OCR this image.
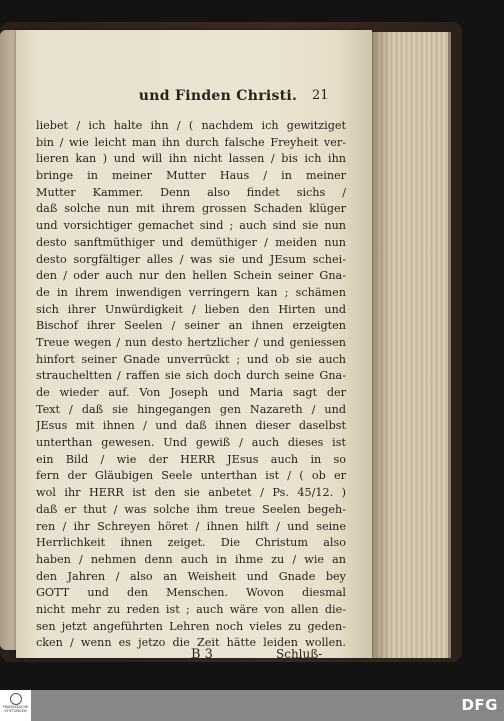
und Finden Christi.	21
liebet / ich halte ihn / ( nachdem ich gewitziget
bin / wie leicht man ihn durch falsche Freyheit ver-
lieren kan ) und will ihn nicht lassen / bis ich ihn
bringe in meiner Mutter Haus / in meiner
Mutter Kammer. Denn also findet sichs /
daß solche nun mit ihrem grossen Schaden klüger
und vorsichtiger gemachet sind ; auch sind sie nun
desto sanftmüthiger und demüthiger / meiden nun
desto sorgfältiger alles / was sie und JEsum schei-
den / oder auch nur den hellen Schein seiner Gna-
de in ihrem inwendigen verringern kan ; schämen
sich ihrer Unwürdigkeit / lieben den Hirten und
Bischof ihrer Seelen / seiner an ihnen erzeigten
Treue wegen / nun desto hertzlicher / und geniessen
hinfort seiner Gnade unverrückt ; und ob sie auch
straucheltten / raffen sie sich doch durch seine Gna-
de wieder auf. Von Joseph und Maria sagt der
Text / daß sie hingegangen gen Nazareth / und
JEsus mit ihnen / und daß ihnen dieser daselbst
unterthan gewesen. Und gewiß / auch dieses ist
ein Bild / wie der HERR JEsus auch in so
fern der Gläubigen Seele unterthan ist / ( ob er
wol ihr HERR ist den sie anbetet / Ps. 45/12. )
daß er thut / was solche ihm treue Seelen begeh-
ren / ihr Schreyen höret / ihnen hilft / und seine
Herrlichkeit ihnen zeiget. Die Christum also
haben / nehmen denn auch in ihme zu / wie an
den Jahren / also an Weisheit und Gnade bey
GOTT und den Menschen. Wovon diesmal
nicht mehr zu reden ist ; auch wäre von allen die-
sen jetzt angeführten Lehren noch vieles zu geden-
cken / wenn es jetzo die Zeit hätte leiden wollen.
B 3	Schluß-
FRANCKESCHE STIFTUNGEN	DFG
